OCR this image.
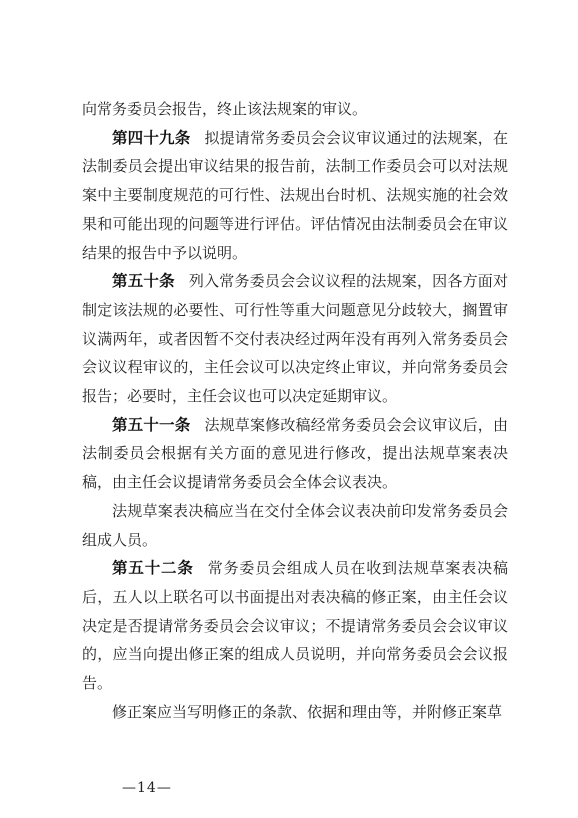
向常务委员会报告，终止该法规案的审议。

第四十九条 拟提请常务委员会会议审议通过的法规案，在法制委员会提出审议结果的报告前，法制工作委员会可以对法规案中主要制度规范的可行性、法规出台时机、法规实施的社会效果和可能出现的问题等进行评估。评估情况由法制委员会在审议结果的报告中予以说明。

第五十条 列入常务委员会会议议程的法规案，因各方面对制定该法规的必要性、可行性等重大问题意见分歧较大，搁置审议满两年，或者因暂不交付表决经过两年没有再列入常务委员会会议议程审议的，主任会议可以决定终止审议，并向常务委员会报告；必要时，主任会议也可以决定延期审议。

第五十一条 法规草案修改稿经常务委员会会议审议后，由法制委员会根据有关方面的意见进行修改，提出法规草案表决稿，由主任会议提请常务委员会全体会议表决。

法规草案表决稿应当在交付全体会议表决前印发常务委员会组成人员。

第五十二条 常务委员会组成人员在收到法规草案表决稿后，五人以上联名可以书面提出对表决稿的修正案，由主任会议决定是否提请常务委员会会议审议；不提请常务委员会会议审议的，应当向提出修正案的组成人员说明，并向常务委员会会议报告。

修正案应当写明修正的条款、依据和理由等，并附修正案草

—14—
